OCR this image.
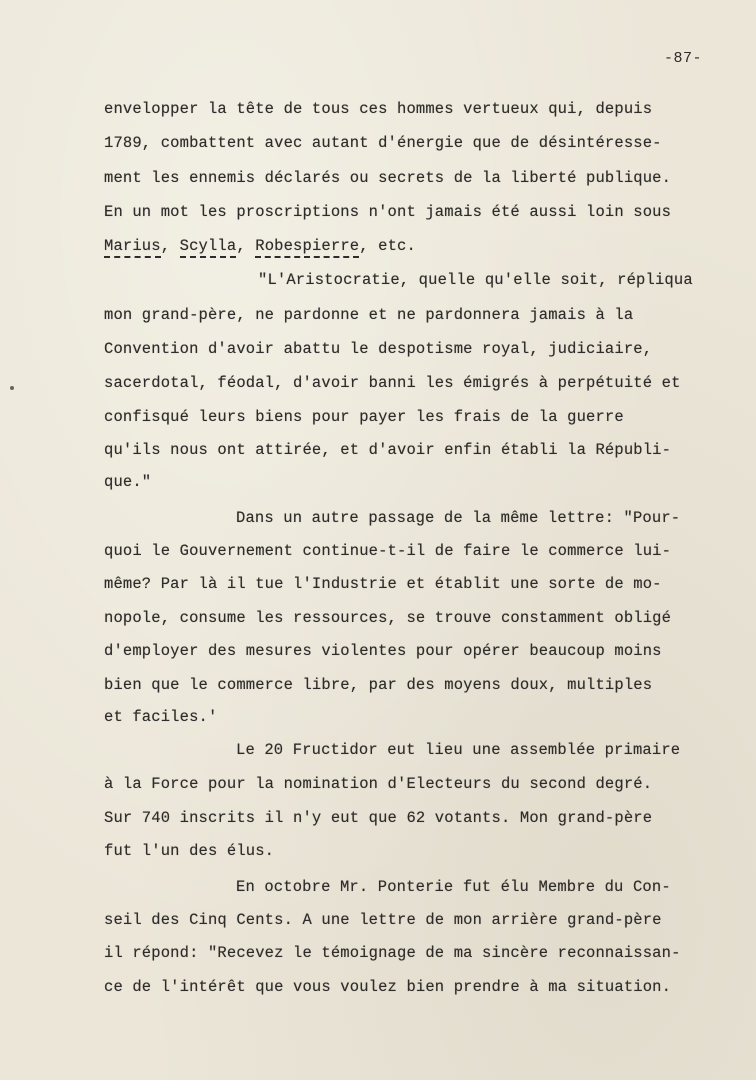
-87-
envelopper la tête de tous ces hommes vertueux qui, depuis
1789, combattent avec autant d'énergie que de désintéresse-
ment les ennemis déclarés ou secrets de la liberté publique.
En un mot les proscriptions n'ont jamais été aussi loin sous
Marius, Scylla, Robespierre, etc.
"L'Aristocratie, quelle qu'elle soit, répliqua
mon grand-père, ne pardonne et ne pardonnera jamais à la
Convention d'avoir abattu le despotisme royal, judiciaire,
sacerdotal, féodal, d'avoir banni les émigrés à perpétuité et
confisqué leurs biens pour payer les frais de la guerre
qu'ils nous ont attirée, et d'avoir enfin établi la Républi-
que."
Dans un autre passage de la même lettre: "Pour-
quoi le Gouvernement continue-t-il de faire le commerce lui-
même? Par là il tue l'Industrie et établit une sorte de mo-
nopole, consume les ressources, se trouve constamment obligé
d'employer des mesures violentes pour opérer beaucoup moins
bien que le commerce libre, par des moyens doux, multiples
et faciles.'
Le 20 Fructidor eut lieu une assemblée primaire
à la Force pour la nomination d'Electeurs du second degré.
Sur 740 inscrits il n'y eut que 62 votants. Mon grand-père
fut l'un des élus.
En octobre Mr. Ponterie fut élu Membre du Con-
seil des Cinq Cents. A une lettre de mon arrière grand-père
il répond: "Recevez le témoignage de ma sincère reconnaissan-
ce de l'intérêt que vous voulez bien prendre à ma situation.
